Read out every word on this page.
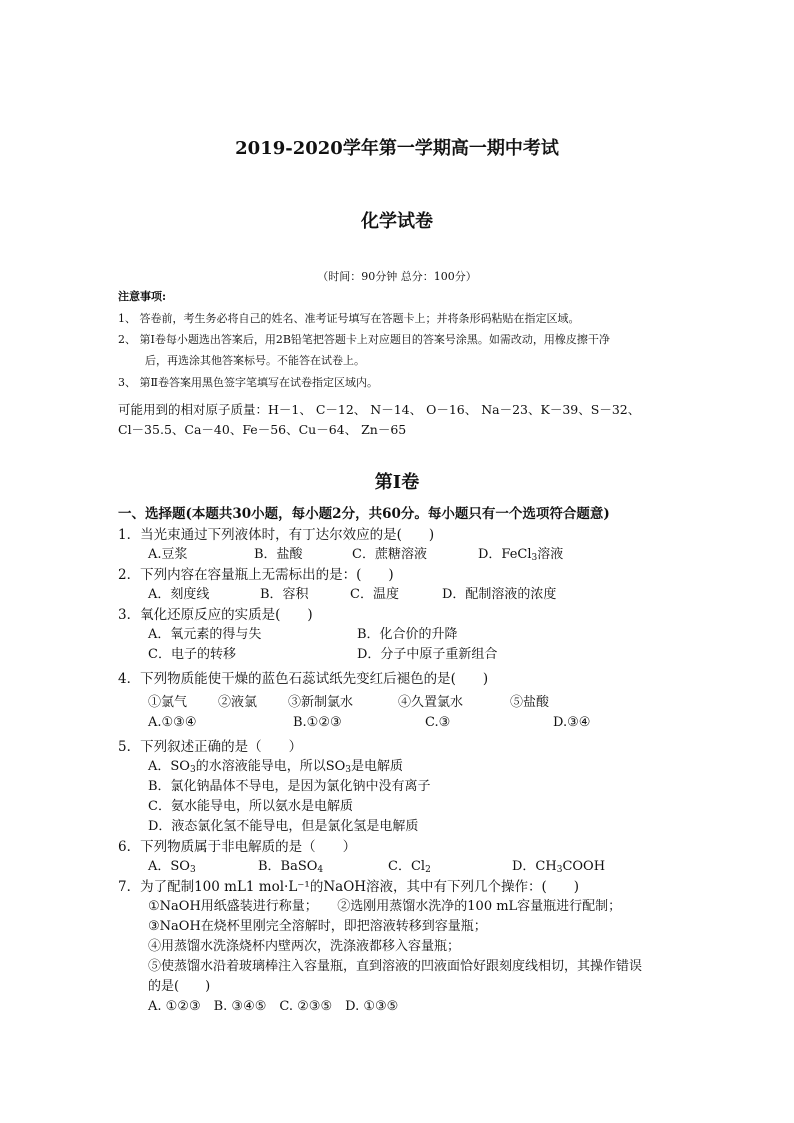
2019-2020学年第一学期高一期中考试
化学试卷
（时间：90分钟 总分：100分）
注意事项:
1、 答卷前，考生务必将自己的姓名、准考证号填写在答题卡上；并将条形码粘贴在指定区域。
2、 第Ⅰ卷每小题选出答案后，用2B铅笔把答题卡上对应题目的答案号涂黑。如需改动，用橡皮擦干净
后，再选涂其他答案标号。不能答在试卷上。
3、 第Ⅱ卷答案用黑色签字笔填写在试卷指定区域内。
可能用到的相对原子质量：H－1、 C－12、 N－14、 O－16、 Na－23、K－39、S－32、
Cl－35.5、Ca－40、Fe－56、Cu－64、 Zn－65
第Ⅰ卷
一、选择题(本题共30小题，每小题2分，共60分。每小题只有一个选项符合题意)
1．当光束通过下列液体时，有丁达尔效应的是(　　)
A.豆浆	B．盐酸	C．蔗糖溶液	D．FeCl$_3$溶液
2．下列内容在容量瓶上无需标出的是：(　　)
A．刻度线	B．容积	C．温度	D．配制溶液的浓度
3．氧化还原反应的实质是(　　)
A．氧元素的得与失	B．化合价的升降
C．电子的转移	D．分子中原子重新组合
4．下列物质能使干燥的蓝色石蕊试纸先变红后褪色的是(　　)
①氯气 ②液氯 ③新制氯水	④久置氯水	⑤盐酸
A.①③④	B.①②③	C.③	D.③④
5．下列叙述正确的是（　　）
A．$SO_3$的水溶液能导电，所以$SO_3$是电解质
B．氯化钠晶体不导电，是因为氯化钠中没有离子
C．氨水能导电，所以氨水是电解质
D．液态氯化氢不能导电，但是氯化氢是电解质
6．下列物质属于非电解质的是（　　）
A．$SO_3$	B．BaSO$_4$	C．$Cl_2$	D．$CH_3COOH$
7．为了配制100 mL1 mol·L⁻¹的NaOH溶液，其中有下列几个操作：(　　)
①NaOH用纸盛装进行称量；　　②选刚用蒸馏水洗净的100 mL容量瓶进行配制；
③NaOH在烧杯里刚完全溶解时，即把溶液转移到容量瓶；
④用蒸馏水洗涤烧杯内壁两次，洗涤液都移入容量瓶；
⑤使蒸馏水沿着玻璃棒注入容量瓶，直到溶液的凹液面恰好跟刻度线相切，其操作错误
的是(　　)
A. ①②③　B. ③④⑤　C. ②③⑤　D. ①③⑤
